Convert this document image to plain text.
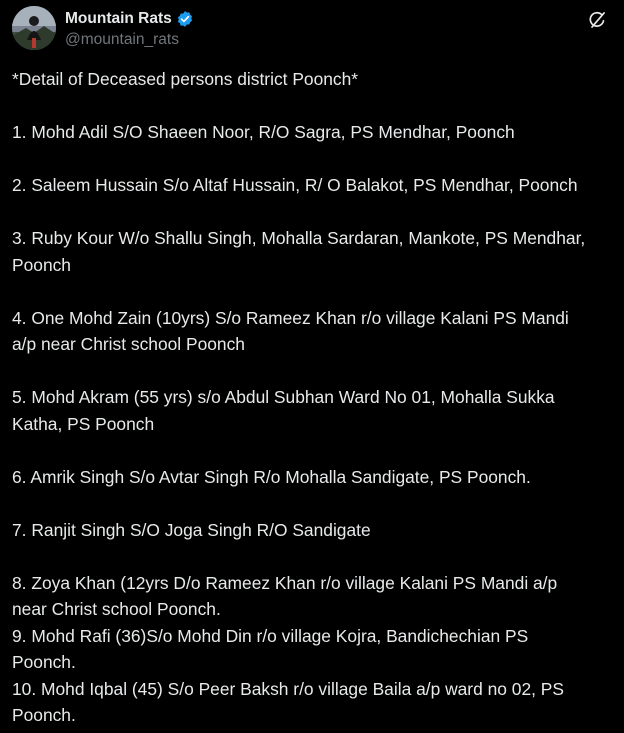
Mountain Rats
@mountain_rats
*Detail of Deceased persons district Poonch*
1. Mohd Adil S/O Shaeen Noor, R/O Sagra, PS Mendhar, Poonch
2. Saleem Hussain S/o Altaf Hussain, R/ O Balakot, PS Mendhar, Poonch
3. Ruby Kour W/o Shallu Singh, Mohalla Sardaran, Mankote, PS Mendhar,
Poonch
4. One Mohd Zain (10yrs) S/o Rameez Khan r/o village Kalani PS Mandi
a/p near Christ school Poonch
5. Mohd Akram (55 yrs) s/o Abdul Subhan Ward No 01, Mohalla Sukka
Katha, PS Poonch
6. Amrik Singh S/o Avtar Singh R/o Mohalla Sandigate, PS Poonch.
7. Ranjit Singh S/O Joga Singh R/O Sandigate
8. Zoya Khan (12yrs D/o Rameez Khan r/o village Kalani PS Mandi a/p
near Christ school Poonch.
9. Mohd Rafi (36)S/o Mohd Din r/o village Kojra, Bandichechian PS
Poonch.
10. Mohd Iqbal (45) S/o Peer Baksh r/o village Baila a/p ward no 02, PS
Poonch.
